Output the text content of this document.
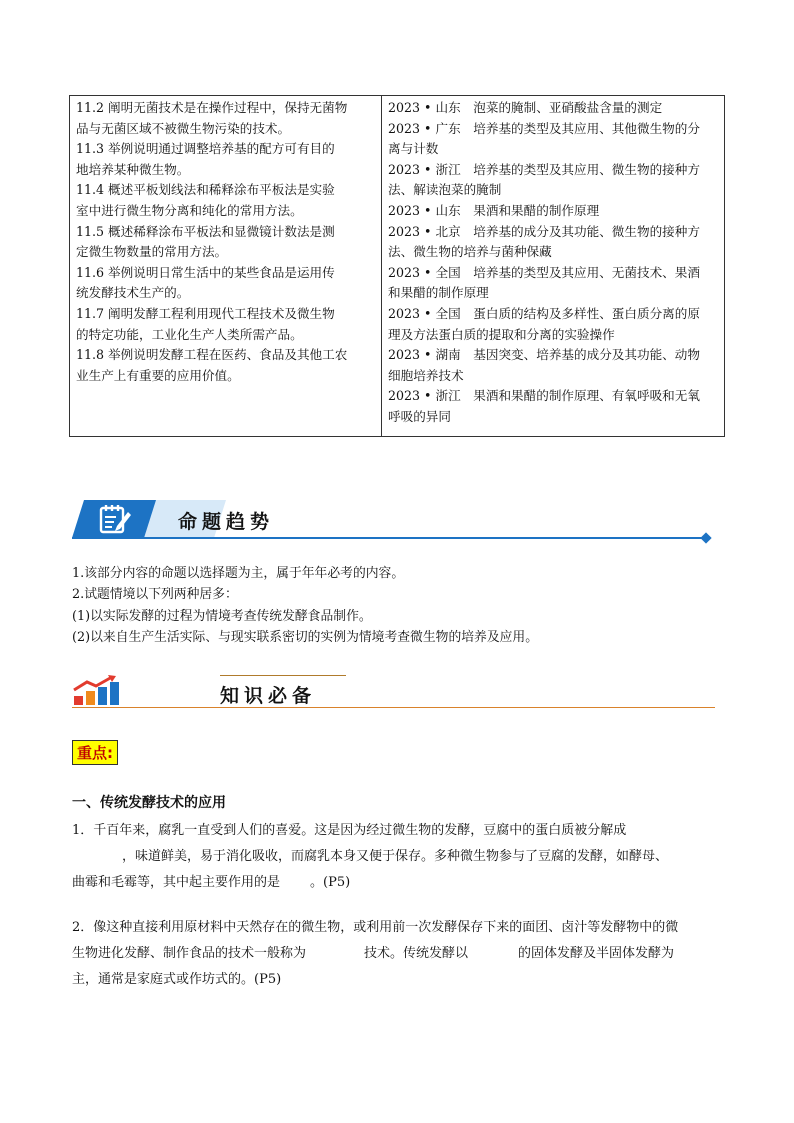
11.2 阐明无菌技术是在操作过程中，保持无菌物
品与无菌区域不被微生物污染的技术。
11.3 举例说明通过调整培养基的配方可有目的
地培养某种微生物。
11.4 概述平板划线法和稀释涂布平板法是实验
室中进行微生物分离和纯化的常用方法。
11.5 概述稀释涂布平板法和显微镜计数法是测
定微生物数量的常用方法。
11.6 举例说明日常生活中的某些食品是运用传
统发酵技术生产的。
11.7 阐明发酵工程利用现代工程技术及微生物
的特定功能，工业化生产人类所需产品。
11.8 举例说明发酵工程在医药、食品及其他工农
业生产上有重要的应用价值。

2023 • 山东　泡菜的腌制、亚硝酸盐含量的测定
2023 • 广东　培养基的类型及其应用、其他微生物的分
离与计数
2023 • 浙江　培养基的类型及其应用、微生物的接种方
法、解读泡菜的腌制
2023 • 山东　果酒和果醋的制作原理
2023 • 北京　培养基的成分及其功能、微生物的接种方
法、微生物的培养与菌种保藏
2023 • 全国　培养基的类型及其应用、无菌技术、果酒
和果醋的制作原理
2023 • 全国　蛋白质的结构及多样性、蛋白质分离的原
理及方法蛋白质的提取和分离的实验操作
2023 • 湖南　基因突变、培养基的成分及其功能、动物
细胞培养技术
2023 • 浙江　果酒和果醋的制作原理、有氧呼吸和无氧
呼吸的异同
命题趋势
1.该部分内容的命题以选择题为主，属于年年必考的内容。
2.试题情境以下列两种居多：
(1)以实际发酵的过程为情境考查传统发酵食品制作。
(2)以来自生产生活实际、与现实联系密切的实例为情境考查微生物的培养及应用。
知识必备
重点:
一、传统发酵技术的应用
1．千百年来，腐乳一直受到人们的喜爱。这是因为经过微生物的发酵，豆腐中的蛋白质被分解成
，味道鲜美，易于消化吸收，而腐乳本身又便于保存。多种微生物参与了豆腐的发酵，如酵母、
曲霉和毛霉等，其中起主要作用的是 。(P5)
2．像这种直接利用原材料中天然存在的微生物，或利用前一次发酵保存下来的面团、卤汁等发酵物中的微
生物进化发酵、制作食品的技术一般称为	技术。传统发酵以	的固体发酵及半固体发酵为
主，通常是家庭式或作坊式的。(P5)
